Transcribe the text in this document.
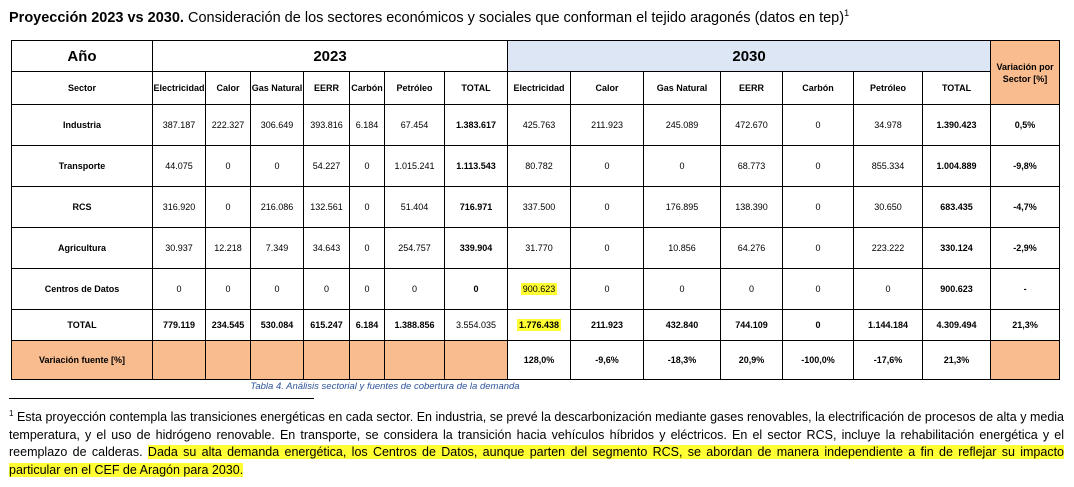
Proyección 2023 vs 2030. Consideración de los sectores económicos y sociales que conforman el tejido aragonés (datos en tep)$^1$
Año	2023							2030							Variación por Sector [%]
Sector	Electricidad	Calor	Gas Natural	EERR	Carbón	Petróleo	TOTAL	Electricidad	Calor	Gas Natural	EERR	Carbón	Petróleo	TOTAL	
Industria	387.187	222.327	306.649	393.816	6.184	67.454	1.383.617	425.763	211.923	245.089	472.670	0	34.978	1.390.423	0,5%
Transporte	44.075	0	0	54.227	0	1.015.241	1.113.543	80.782	0	0	68.773	0	855.334	1.004.889	-9,8%
RCS	316.920	0	216.086	132.561	0	51.404	716.971	337.500	0	176.895	138.390	0	30.650	683.435	-4,7%
Agricultura	30.937	12.218	7.349	34.643	0	254.757	339.904	31.770	0	10.856	64.276	0	223.222	330.124	-2,9%
Centros de Datos	0	0	0	0	0	0	0	900.623	0	0	0	0	0	900.623	-
TOTAL	779.119	234.545	530.084	615.247	6.184	1.388.856	3.554.035	1.776.438	211.923	432.840	744.109	0	1.144.184	4.309.494	21,3%
Variación fuente [%]								128,0%	-9,6%	-18,3%	20,9%	-100,0%	-17,6%	21,3%	
Tabla 4. Análisis sectorial y fuentes de cobertura de la demanda
$^1$ Esta proyección contempla las transiciones energéticas en cada sector. En industria, se prevé la descarbonización mediante gases renovables, la electrificación de procesos de alta y media temperatura, y el uso de hidrógeno renovable. En transporte, se considera la transición hacia vehículos híbridos y eléctricos. En el sector RCS, incluye la rehabilitación energética y el reemplazo de calderas. Dada su alta demanda energética, los Centros de Datos, aunque parten del segmento RCS, se abordan de manera independiente a fin de reflejar su impacto particular en el CEF de Aragón para 2030.
